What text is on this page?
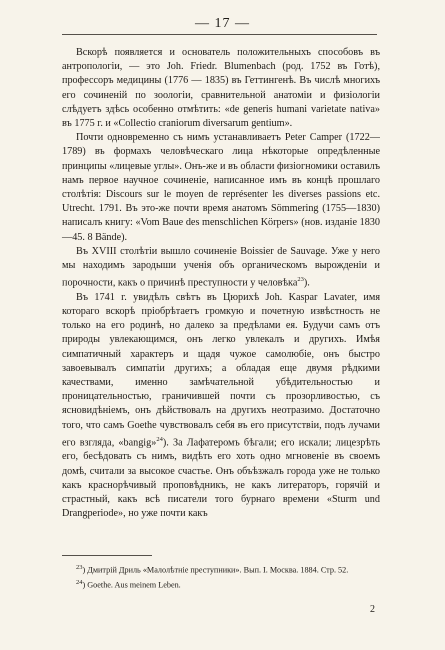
— 17 —

Вскорѣ появляется и основатель положительныхъ способовъ въ антропологіи, — это Joh. Friedr. Blumenbach (род. 1752 въ Готѣ), профессоръ медицины (1776 — 1835) въ Геттингенѣ. Въ числѣ многихъ его сочиненій по зоологіи, сравнительной анатоміи и физіологіи слѣдуетъ здѣсь особенно отмѣтить: «de generis humani varietate nativa» въ 1775 г. и «Collectio craniorum diversarum gentium».

Почти одновременно съ нимъ устанавливаетъ Peter Camper (1722—1789) въ формахъ человѣческаго лица нѣкоторые опредѣленные принципы «лицевые углы». Онъ-же и въ области физіогномики оставилъ намъ первое научное сочиненіе, написанное имъ въ концѣ прошлаго столѣтія: Discours sur le moyen de représenter les diverses passions etc. Utrecht. 1791. Въ это-же почти время анатомъ Sömmering (1755—1830) написалъ книгу: «Vom Baue des menschlichen Körpers» (нов. изданіе 1830—45. 8 Bände).

Въ XVIII столѣтіи вышло сочиненіе Boissier de Sauvage. Уже у него мы находимъ зародыши ученія объ органическомъ вырожденіи и порочности, какъ о причинѣ преступности у человѣка$^{23}$).

Въ 1741 г. увидѣлъ свѣтъ въ Цюрихѣ Joh. Kaspar Lavater, имя котораго вскорѣ пріобрѣтаетъ громкую и почетную извѣстность не только на его родинѣ, но далеко за предѣлами ея. Будучи самъ отъ природы увлекающимся, онъ легко увлекалъ и другихъ. Имѣя симпатичный характеръ и щадя чужое самолюбіе, онъ быстро завоевывалъ симпатіи другихъ; а обладая еще двумя рѣдкими качествами, именно замѣчательной убѣдительностью и проницательностью, граничившей почти съ прозорливостью, съ ясновидѣніемъ, онъ дѣйствовалъ на другихъ неотразимо. Достаточно того, что самъ Goethe чувствовалъ себя въ его присутствіи, подъ лучами его взгляда, «bangig»$^{24}$). За Лафатеромъ бѣгали; его искали; лицезрѣть его, бесѣдовать съ нимъ, видѣть его хоть одно мгновеніе въ своемъ домѣ, считали за высокое счастье. Онъ объѣзжалъ города уже не только какъ краснорѣчивый проповѣдникъ, не какъ литераторъ, горячій и страстный, какъ всѣ писатели того бурнаго времени «Sturm und Drangperiode», но уже почти какъ

$^{23}$) Дмитрій Дриль «Малолѣтніе преступники». Вып. I. Москва. 1884. Стр. 52.
$^{24}$) Goethe. Aus meinem Leben.
2
